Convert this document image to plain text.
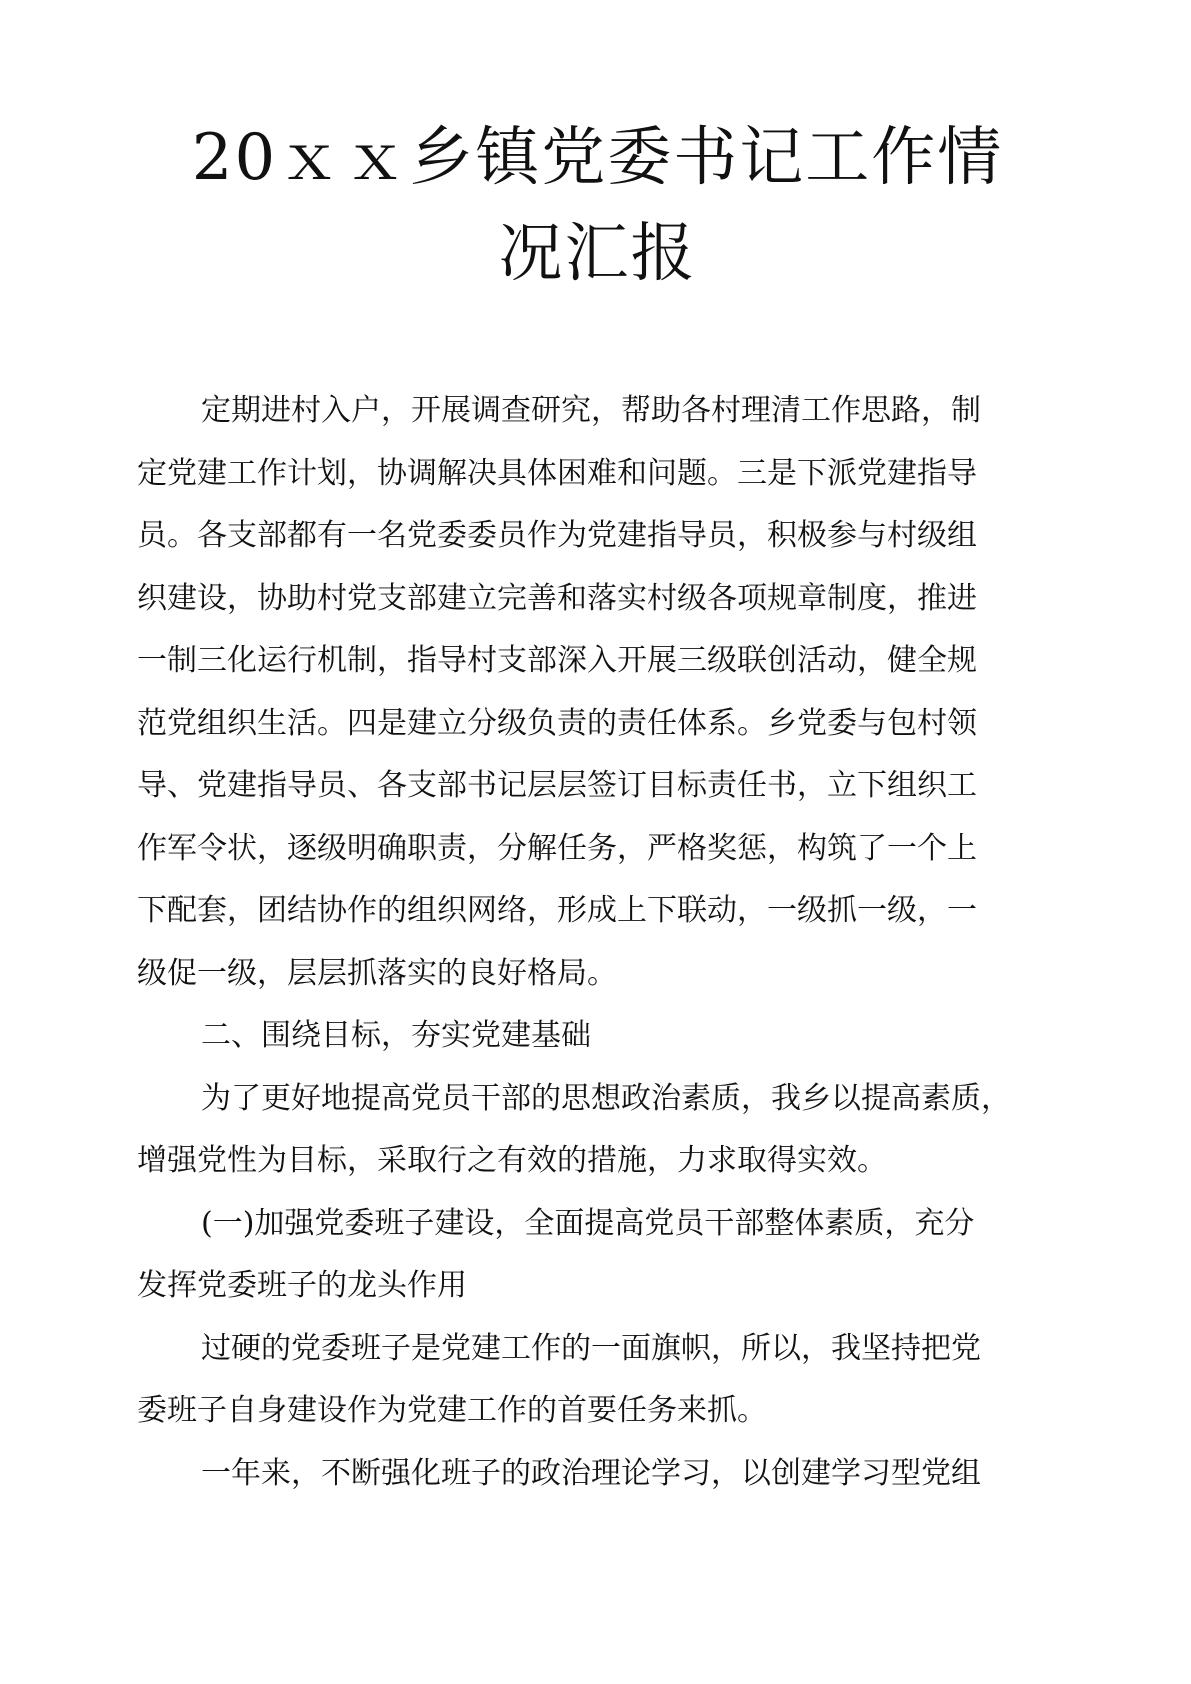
20ｘｘ乡镇党委书记工作情
况汇报

定期进村入户，开展调查研究，帮助各村理清工作思路，制

定党建工作计划，协调解决具体困难和问题。三是下派党建指导

员。各支部都有一名党委委员作为党建指导员，积极参与村级组

织建设，协助村党支部建立完善和落实村级各项规章制度，推进

一制三化运行机制，指导村支部深入开展三级联创活动，健全规

范党组织生活。四是建立分级负责的责任体系。乡党委与包村领

导、党建指导员、各支部书记层层签订目标责任书，立下组织工

作军令状，逐级明确职责，分解任务，严格奖惩，构筑了一个上

下配套，团结协作的组织网络，形成上下联动，一级抓一级，一

级促一级，层层抓落实的良好格局。

二、围绕目标，夯实党建基础

为了更好地提高党员干部的思想政治素质，我乡以提高素质，

增强党性为目标，采取行之有效的措施，力求取得实效。

(一)加强党委班子建设，全面提高党员干部整体素质，充分

发挥党委班子的龙头作用

过硬的党委班子是党建工作的一面旗帜，所以，我坚持把党

委班子自身建设作为党建工作的首要任务来抓。

一年来，不断强化班子的政治理论学习，以创建学习型党组
